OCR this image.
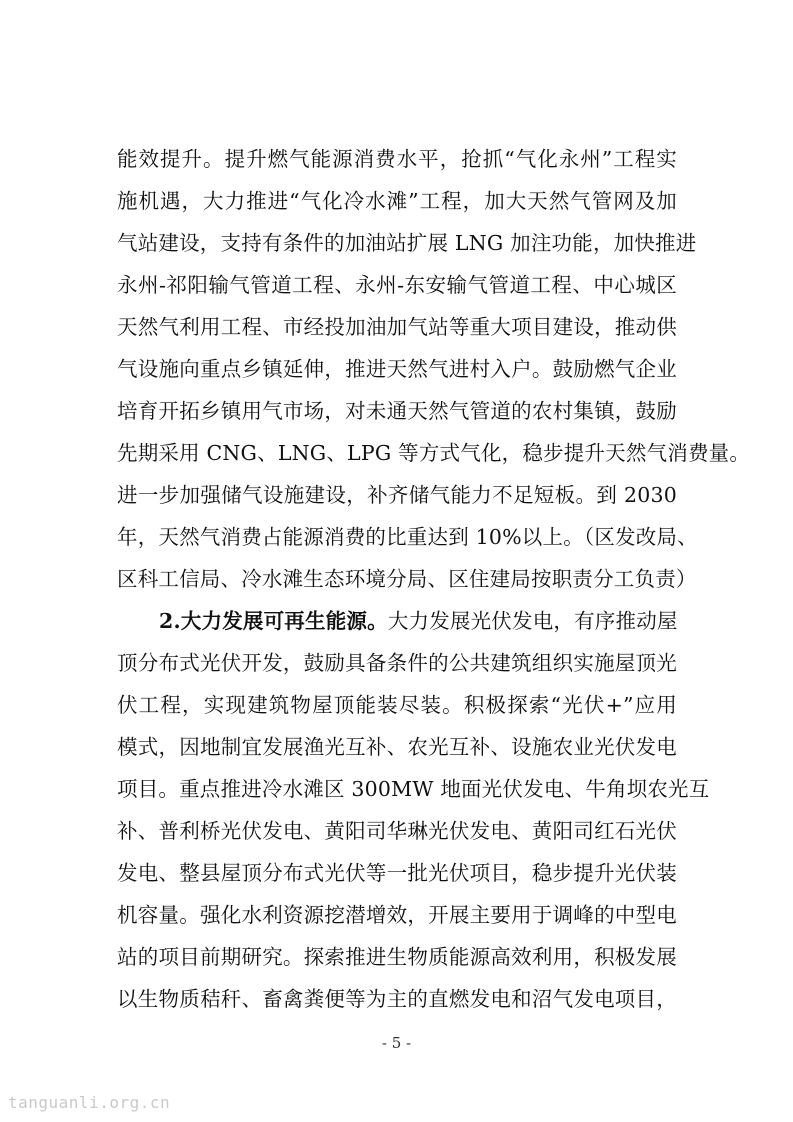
能效提升。提升燃气能源消费水平，抢抓“气化永州”工程实
施机遇，大力推进“气化冷水滩”工程，加大天然气管网及加
气站建设，支持有条件的加油站扩展 LNG 加注功能，加快推进
永州-祁阳输气管道工程、永州-东安输气管道工程、中心城区
天然气利用工程、市经投加油加气站等重大项目建设，推动供
气设施向重点乡镇延伸，推进天然气进村入户。鼓励燃气企业
培育开拓乡镇用气市场，对未通天然气管道的农村集镇，鼓励
先期采用 CNG、LNG、LPG 等方式气化，稳步提升天然气消费量。
进一步加强储气设施建设，补齐储气能力不足短板。到 2030
年，天然气消费占能源消费的比重达到 10%以上。（区发改局、
区科工信局、冷水滩生态环境分局、区住建局按职责分工负责）
2.大力发展可再生能源。大力发展光伏发电，有序推动屋
顶分布式光伏开发，鼓励具备条件的公共建筑组织实施屋顶光
伏工程，实现建筑物屋顶能装尽装。积极探索“光伏+”应用
模式，因地制宜发展渔光互补、农光互补、设施农业光伏发电
项目。重点推进冷水滩区 300MW 地面光伏发电、牛角坝农光互
补、普利桥光伏发电、黄阳司华琳光伏发电、黄阳司红石光伏
发电、整县屋顶分布式光伏等一批光伏项目，稳步提升光伏装
机容量。强化水利资源挖潜增效，开展主要用于调峰的中型电
站的项目前期研究。探索推进生物质能源高效利用，积极发展
以生物质秸秆、畜禽粪便等为主的直燃发电和沼气发电项目，
- 5 -
tanguanli.org.cn
